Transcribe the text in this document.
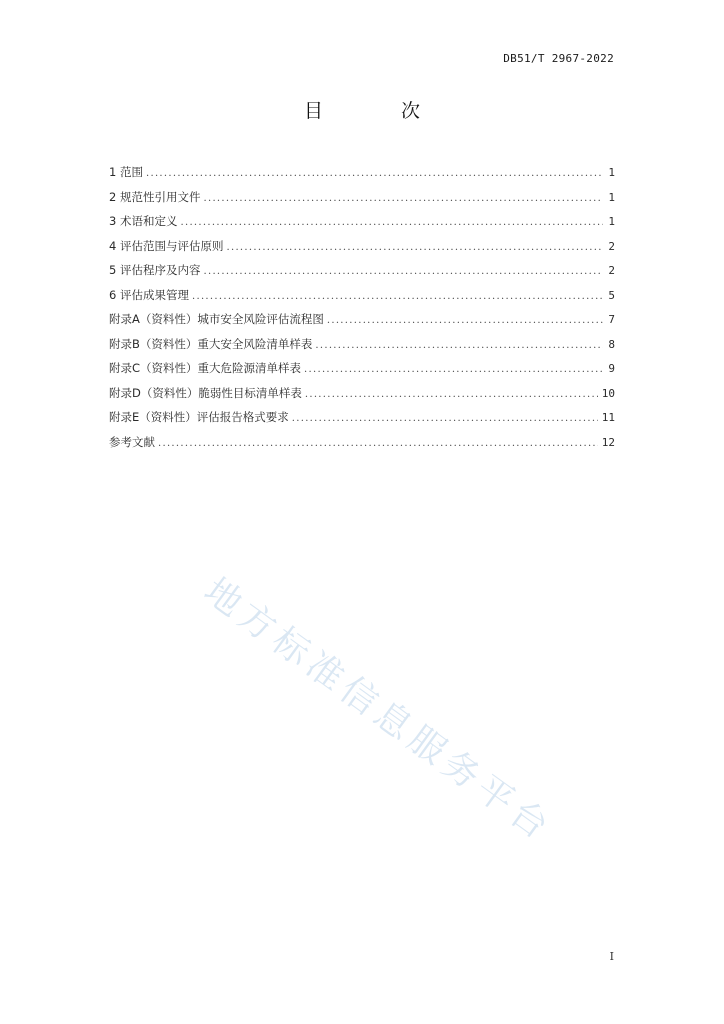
DB51/T 2967-2022
目 次
1 范围 .....	1
2 规范性引用文件 .....	1
3 术语和定义 .....	1
4 评估范围与评估原则 .....	2
5 评估程序及内容 .....	2
6 评估成果管理 .....	5
附录A（资料性）城市安全风险评估流程图 .....	7
附录B（资料性）重大安全风险清单样表 .....	8
附录C（资料性）重大危险源清单样表 .....	9
附录D（资料性）脆弱性目标清单样表 .....	10
附录E（资料性）评估报告格式要求 .....	11
参考文献 .....	12
地方标准信息服务平台
I
